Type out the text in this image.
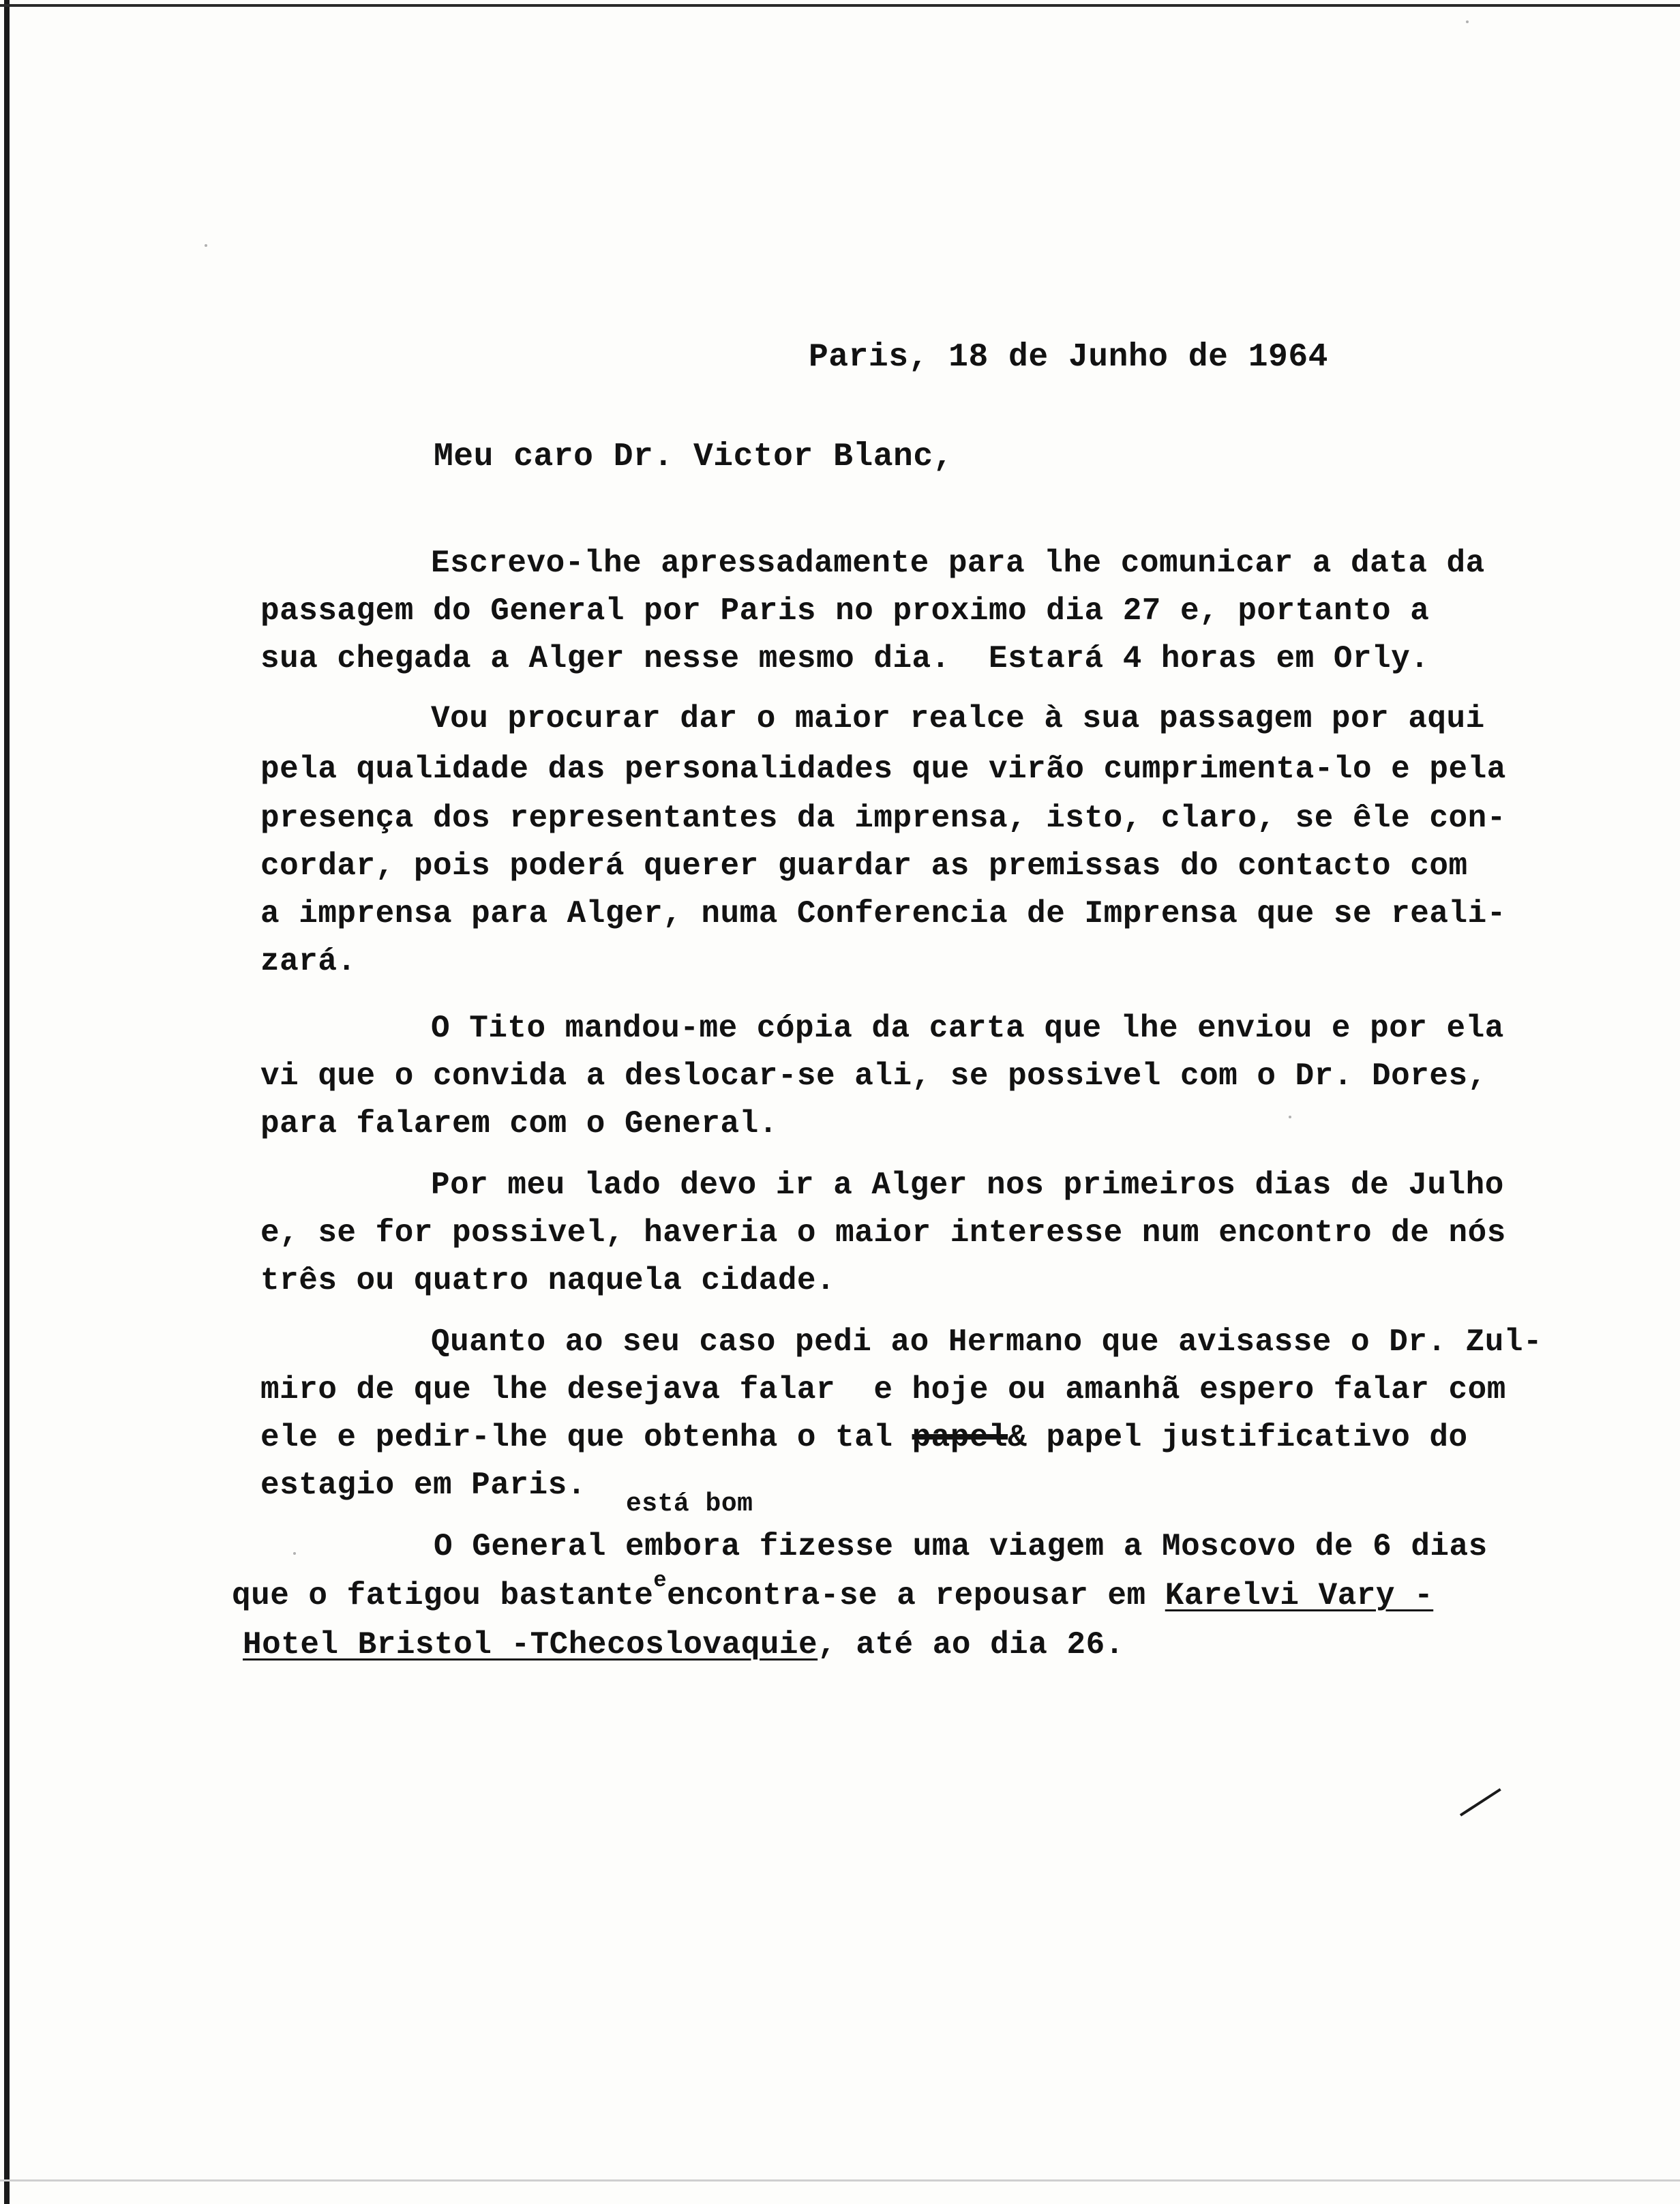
Paris, 18 de Junho de 1964
Meu caro Dr. Victor Blanc,
Escrevo-lhe apressadamente para lhe comunicar a data da
passagem do General por Paris no proximo dia 27 e, portanto a
sua chegada a Alger nesse mesmo dia.  Estará 4 horas em Orly.
Vou procurar dar o maior realce à sua passagem por aqui
pela qualidade das personalidades que virão cumprimenta-lo e pela
presença dos representantes da imprensa, isto, claro, se êle con-
cordar, pois poderá querer guardar as premissas do contacto com
a imprensa para Alger, numa Conferencia de Imprensa que se reali-
zará.
O Tito mandou-me cópia da carta que lhe enviou e por ela
vi que o convida a deslocar-se ali, se possivel com o Dr. Dores,
para falarem com o General.
Por meu lado devo ir a Alger nos primeiros dias de Julho
e, se for possivel, haveria o maior interesse num encontro de nós
três ou quatro naquela cidade.
Quanto ao seu caso pedi ao Hermano que avisasse o Dr. Zul-
miro de que lhe desejava falar  e hoje ou amanhã espero falar com
ele e pedir-lhe que obtenha o tal papel& papel justificativo do
estagio em Paris.
está bom
O General embora fizesse uma viagem a Moscovo de 6 dias
que o fatigou bastante$^e$encontra-se a repousar em Karelvi Vary -
Hotel Bristol -TChecoslovaquie, até ao dia 26.
